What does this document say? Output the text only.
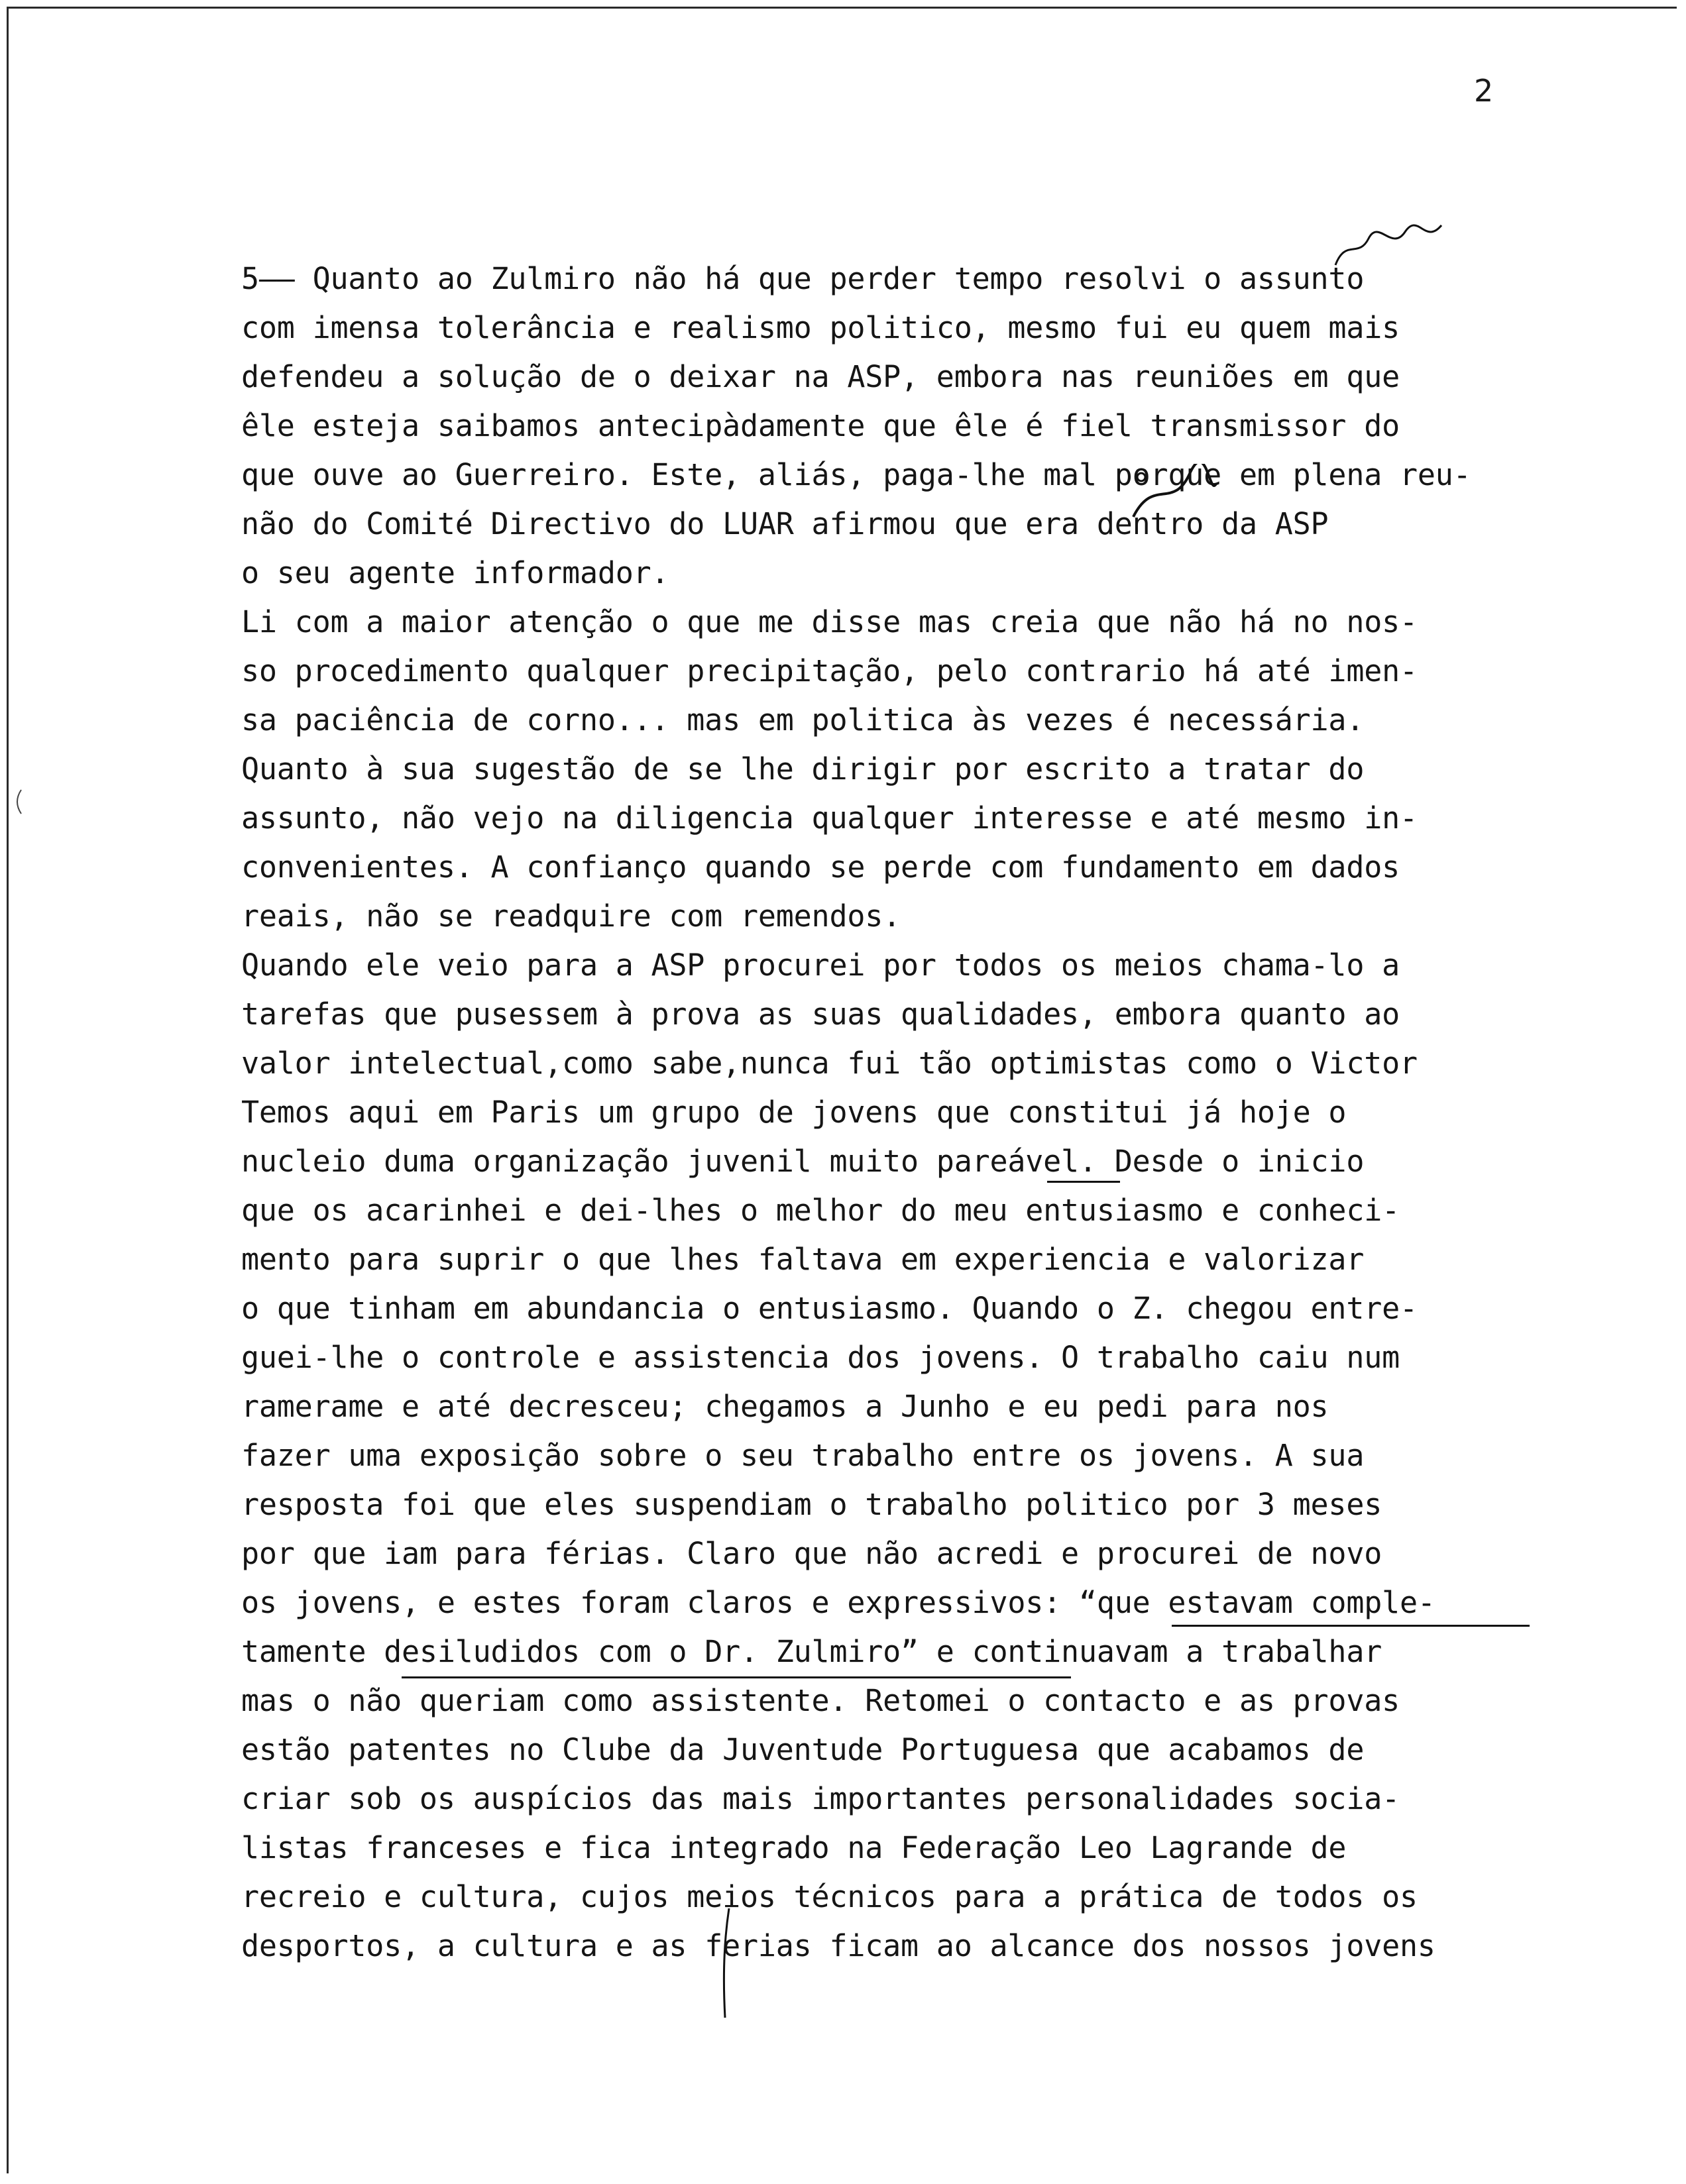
2
5—— Quanto ao Zulmiro não há que perder tempo resolvi o assunto
com imensa tolerância e realismo politico, mesmo fui eu quem mais
defendeu a solução de o deixar na ASP, embora nas reuniões em que
êle esteja saibamos antecipàdamente que êle é fiel transmissor do
que ouve ao Guerreiro. Este, aliás, paga-lhe mal porque em plena reu-
não do Comité Directivo do LUAR afirmou que era dentro da ASP
o seu agente informador.
Li com a maior atenção o que me disse mas creia que não há no nos-
so procedimento qualquer precipitação, pelo contrario há até imen-
sa paciência de corno... mas em politica às vezes é necessária.
Quanto à sua sugestão de se lhe dirigir por escrito a tratar do
assunto, não vejo na diligencia qualquer interesse e até mesmo in-
convenientes. A confianço quando se perde com fundamento em dados
reais, não se readquire com remendos.
Quando ele veio para a ASP procurei por todos os meios chama-lo a
tarefas que pusessem à prova as suas qualidades, embora quanto ao
valor intelectual,como sabe,nunca fui tão optimistas como o Victor
Temos aqui em Paris um grupo de jovens que constitui já hoje o
nucleio duma organização juvenil muito pareável. Desde o inicio
que os acarinhei e dei-lhes o melhor do meu entusiasmo e conheci-
mento para suprir o que lhes faltava em experiencia e valorizar
o que tinham em abundancia o entusiasmo. Quando o Z. chegou entre-
guei-lhe o controle e assistencia dos jovens. O trabalho caiu num
ramerame e até decresceu; chegamos a Junho e eu pedi para nos
fazer uma exposição sobre o seu trabalho entre os jovens. A sua
resposta foi que eles suspendiam o trabalho politico por 3 meses
por que iam para férias. Claro que não acredi e procurei de novo
os jovens, e estes foram claros e expressivos: “que estavam comple-
tamente desiludidos com o Dr. Zulmiro” e continuavam a trabalhar
mas o não queriam como assistente. Retomei o contacto e as provas
estão patentes no Clube da Juventude Portuguesa que acabamos de
criar sob os auspícios das mais importantes personalidades socia-
listas franceses e fica integrado na Federação Leo Lagrande de
recreio e cultura, cujos meios técnicos para a prática de todos os
desportos, a cultura e as ferias ficam ao alcance dos nossos jovens
